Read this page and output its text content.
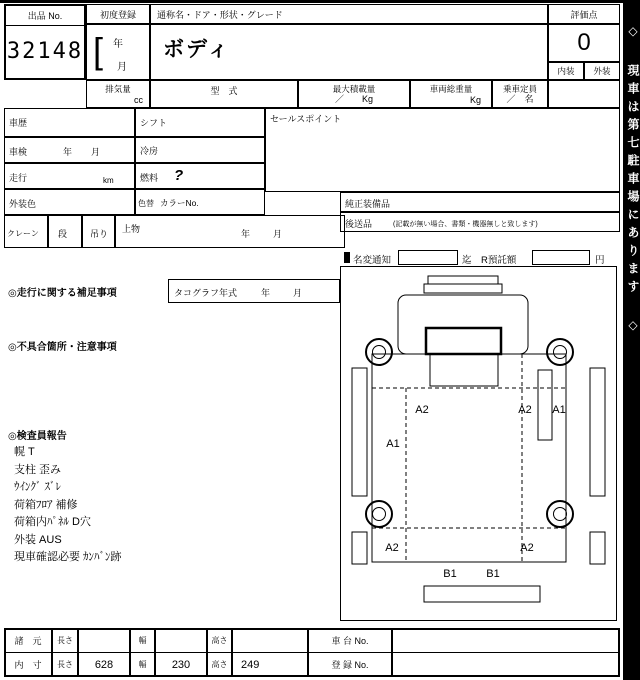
◇ 現車は第七駐車場にあります ◇
出品 No.
32148
初度登録
[ 年
月
通称名・ドア・形状・グレード
ボディ
評価点
0
内装	外装
排気量
cc
型　式	最大積載量
／　　Kg
車両総重量
Kg
乗車定員
／　名
車歴	シフト
車検	年 月	冷房
走行	km	燃料 ?
外装色	色替 カラーNo.
セールスポイント
純正装備品
後送品	(記載が無い場合、書類・機器無しと致します)
クレーン 段	吊り 上物	年	月
名変通知	迄　R預託額	円
◎走行に関する補足事項	タコグラフ年式	年	月
◎不具合箇所・注意事項
◎検査員報告
幌 T
支柱 歪み
ｳｲﾝｸﾞ ｽﾞﾚ
荷箱ﾌﾛｱ 補修
荷箱内ﾊﾟﾈﾙ D穴
外装 AUS
現車確認必要 ｶﾝﾊﾞﾝ跡
A2	A2 A1
A1
A2	A2
B1	B1
諸　元	長さ	幅	高さ	車 台 No.
内　寸	長さ	628	幅	230	高さ	249	登 録 No.
